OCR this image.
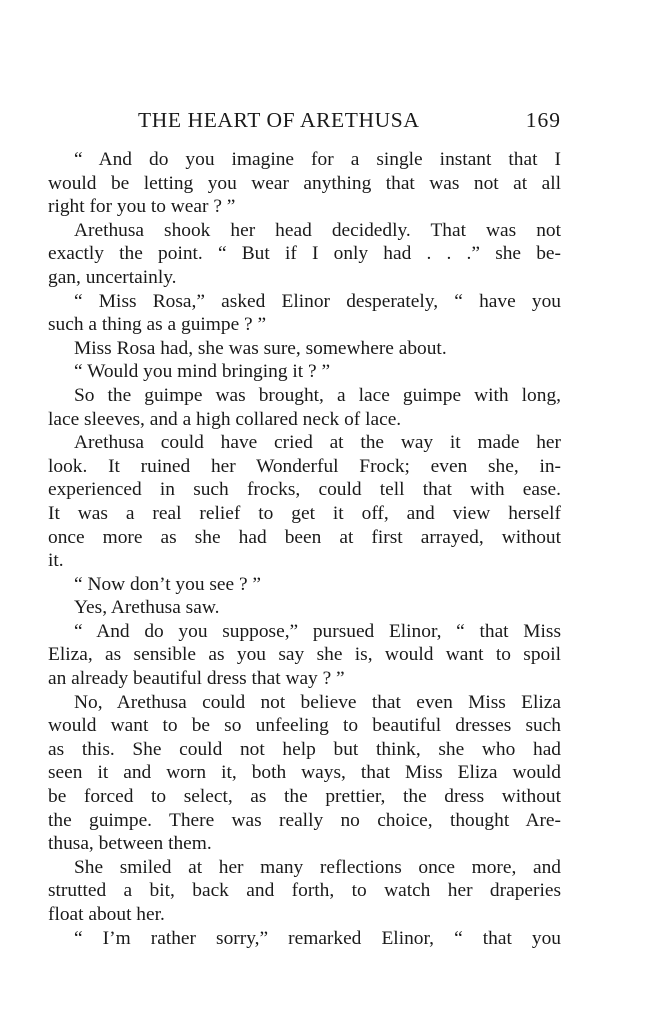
THE HEART OF ARETHUSA	169
“ And do you imagine for a single instant that I
would be letting you wear anything that was not at all
right for you to wear ? ”
Arethusa shook her head decidedly. That was not
exactly the point. “ But if I only had . . .” she be-
gan, uncertainly.
“ Miss Rosa,” asked Elinor desperately, “ have you
such a thing as a guimpe ? ”
Miss Rosa had, she was sure, somewhere about.
“ Would you mind bringing it ? ”
So the guimpe was brought, a lace guimpe with long,
lace sleeves, and a high collared neck of lace.
Arethusa could have cried at the way it made her
look. It ruined her Wonderful Frock; even she, in-
experienced in such frocks, could tell that with ease.
It was a real relief to get it off, and view herself
once more as she had been at first arrayed, without
it.
“ Now don’t you see ? ”
Yes, Arethusa saw.
“ And do you suppose,” pursued Elinor, “ that Miss
Eliza, as sensible as you say she is, would want to spoil
an already beautiful dress that way ? ”
No, Arethusa could not believe that even Miss Eliza
would want to be so unfeeling to beautiful dresses such
as this. She could not help but think, she who had
seen it and worn it, both ways, that Miss Eliza would
be forced to select, as the prettier, the dress without
the guimpe. There was really no choice, thought Are-
thusa, between them.
She smiled at her many reflections once more, and
strutted a bit, back and forth, to watch her draperies
float about her.
“ I’m rather sorry,” remarked Elinor, “ that you
